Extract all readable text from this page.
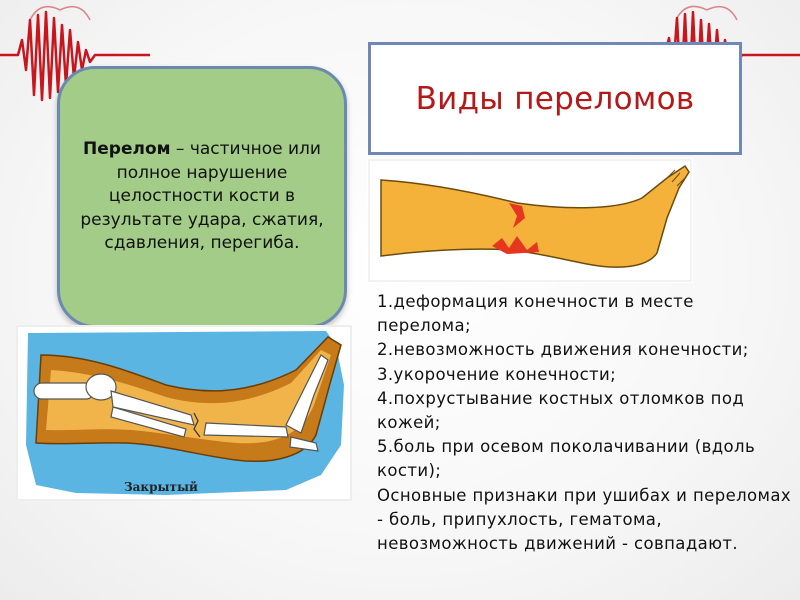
Перелом – частичное или полное нарушение целостности кости в результате удара, сжатия, сдавления, перегиба.

Виды переломов
Закрытый
1.деформация конечности в месте перелома;
2.невозможность движения конечности;
3.укорочение конечности;
4.похрустывание костных отломков под кожей;
5.боль при осевом поколачивании (вдоль кости);
Основные признаки при ушибах и переломах - боль, припухлость, гематома, невозможность движений - совпадают.
